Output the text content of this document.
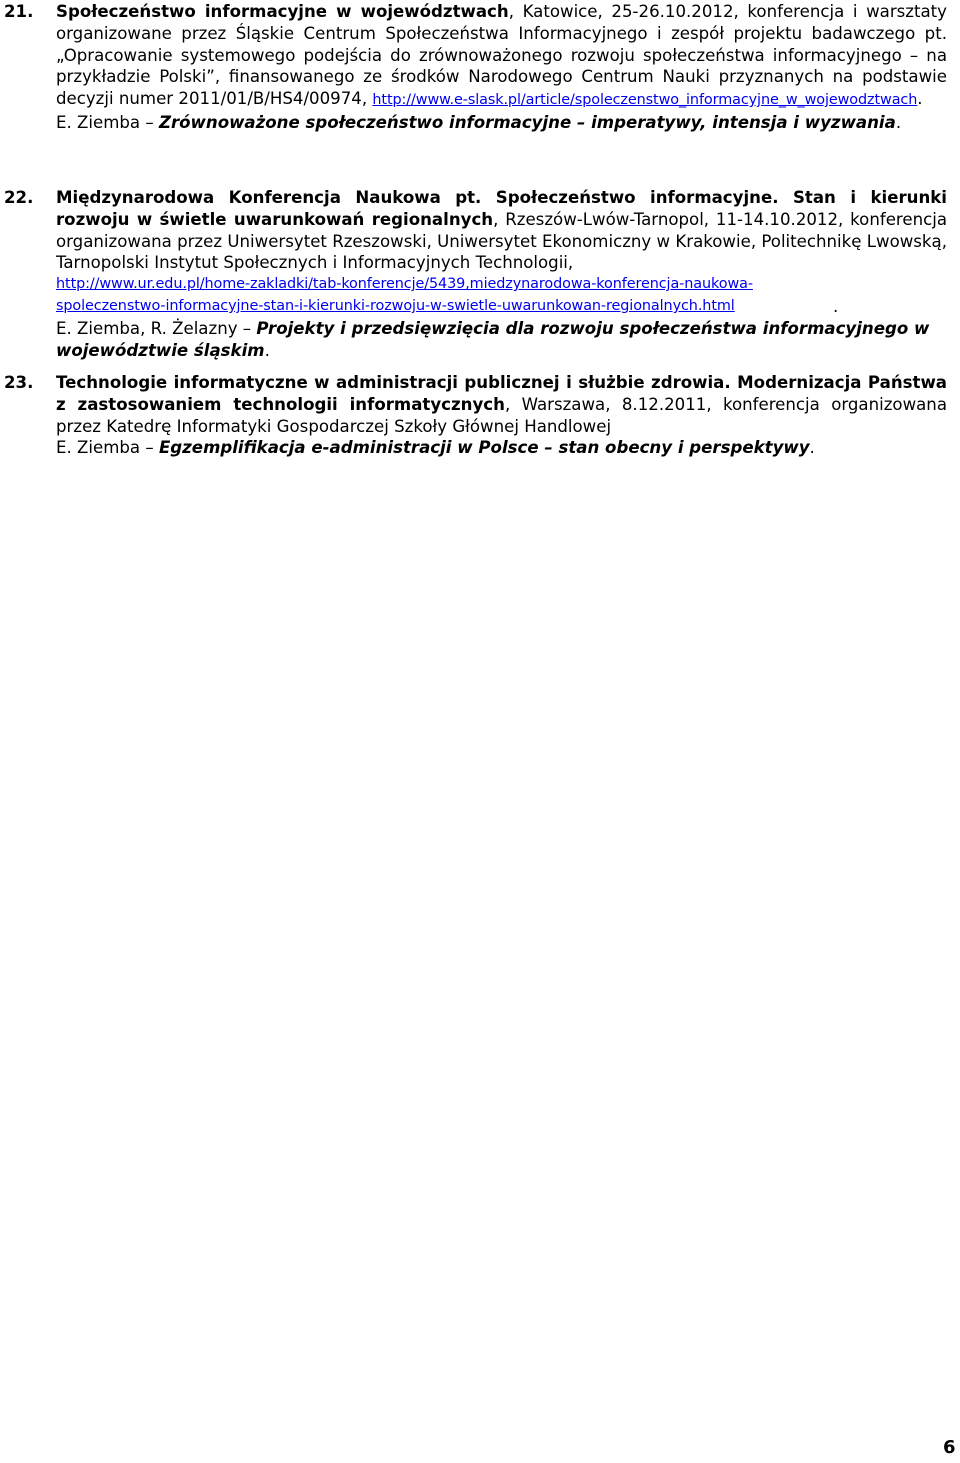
21. Społeczeństwo informacyjne w województwach, Katowice, 25-26.10.2012, konferencja i warsztaty organizowane przez Śląskie Centrum Społeczeństwa Informacyjnego i zespół projektu badawczego pt. „Opracowanie systemowego podejścia do zrównoważonego rozwoju społeczeństwa informacyjnego – na przykładzie Polski”, finansowanego ze środków Narodowego Centrum Nauki przyznanych na podstawie decyzji numer 2011/01/B/HS4/00974, http://www.e-slask.pl/article/spoleczenstwo_informacyjne_w_wojewodztwach.
E. Ziemba – Zrównoważone społeczeństwo informacyjne – imperatywy, intensja i wyzwania.
22. Międzynarodowa Konferencja Naukowa pt. Społeczeństwo informacyjne. Stan i kierunki rozwoju w świetle uwarunkowań regionalnych, Rzeszów-Lwów-Tarnopol, 11-14.10.2012, konferencja organizowana przez Uniwersytet Rzeszowski, Uniwersytet Ekonomiczny w Krakowie, Politechnikę Lwowską, Tarnopolski Instytut Społecznych i Informacyjnych Technologii,
http://www.ur.edu.pl/home-zakladki/tab-konferencje/5439,miedzynarodowa-konferencja-naukowa-
spoleczenstwo-informacyjne-stan-i-kierunki-rozwoju-w-swietle-uwarunkowan-regionalnych.html	.
E. Ziemba, R. Żelazny – Projekty i przedsięwzięcia dla rozwoju społeczeństwa informacyjnego w województwie śląskim.
23. Technologie informatyczne w administracji publicznej i służbie zdrowia. Modernizacja Państwa z zastosowaniem technologii informatycznych, Warszawa, 8.12.2011, konferencja organizowana przez Katedrę Informatyki Gospodarczej Szkoły Głównej Handlowej
E. Ziemba – Egzemplifikacja e-administracji w Polsce – stan obecny i perspektywy.
6
